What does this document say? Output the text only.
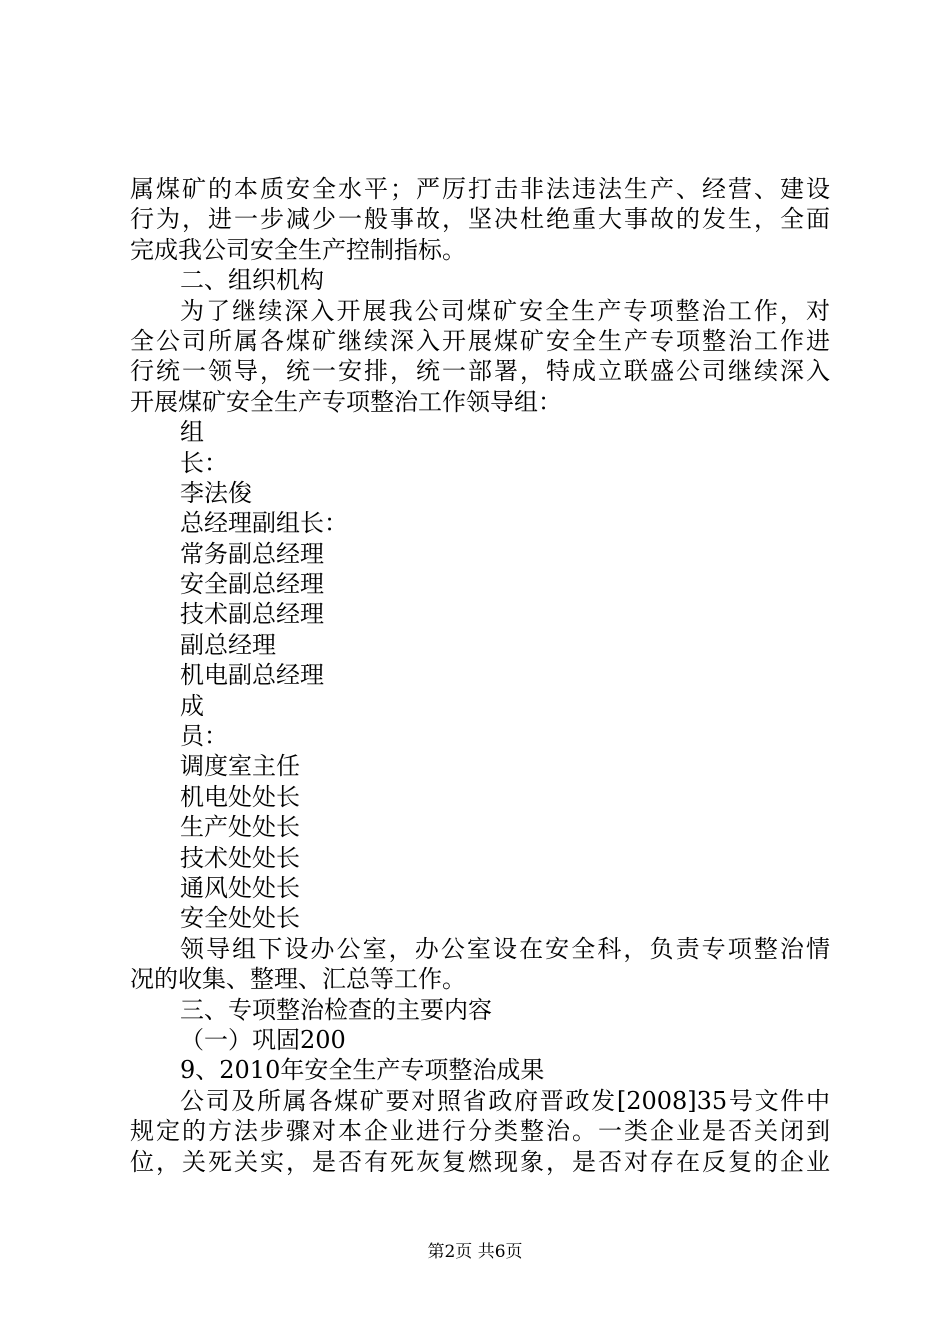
属煤矿的本质安全水平；严厉打击非法违法生产、经营、建设
行为，进一步减少一般事故，坚决杜绝重大事故的发生，全面
完成我公司安全生产控制指标。
二、组织机构
为了继续深入开展我公司煤矿安全生产专项整治工作，对
全公司所属各煤矿继续深入开展煤矿安全生产专项整治工作进
行统一领导，统一安排，统一部署，特成立联盛公司继续深入
开展煤矿安全生产专项整治工作领导组：
组
长：
李法俊
总经理副组长：
常务副总经理
安全副总经理
技术副总经理
副总经理
机电副总经理
成
员：
调度室主任
机电处处长
生产处处长
技术处处长
通风处处长
安全处处长
领导组下设办公室，办公室设在安全科，负责专项整治情
况的收集、整理、汇总等工作。
三、专项整治检查的主要内容
（一）巩固200
9、2010年安全生产专项整治成果
公司及所属各煤矿要对照省政府晋政发[2008]35号文件中
规定的方法步骤对本企业进行分类整治。一类企业是否关闭到
位，关死关实，是否有死灰复燃现象，是否对存在反复的企业
第2页 共6页
